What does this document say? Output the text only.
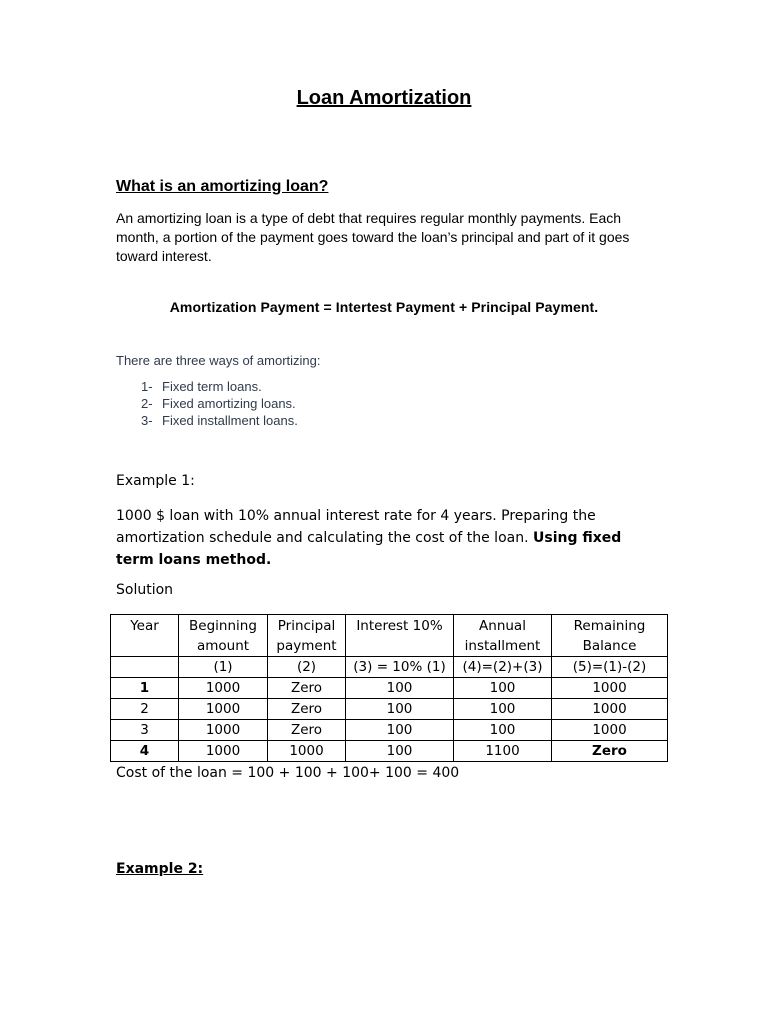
Loan Amortization
What is an amortizing loan?

An amortizing loan is a type of debt that requires regular monthly payments. Each month, a portion of the payment goes toward the loan’s principal and part of it goes toward interest.

Amortization Payment = Intertest Payment + Principal Payment.

There are three ways of amortizing:

1- Fixed term loans.
2- Fixed amortizing loans.
3- Fixed installment loans.

Example 1:

1000 $ loan with 10% annual interest rate for 4 years. Preparing the amortization schedule and calculating the cost of the loan. Using fixed term loans method.

Solution

Year	Beginning amount	Principal payment	Interest 10%	Annual installment	Remaining Balance
	(1)	(2)	(3) = 10% (1)	(4)=(2)+(3)	(5)=(1)-(2)
1	1000	Zero	100	100	1000
2	1000	Zero	100	100	1000
3	1000	Zero	100	100	1000
4	1000	1000	100	1100	Zero

Cost of the loan = 100 + 100 + 100+ 100 = 400

Example 2:
